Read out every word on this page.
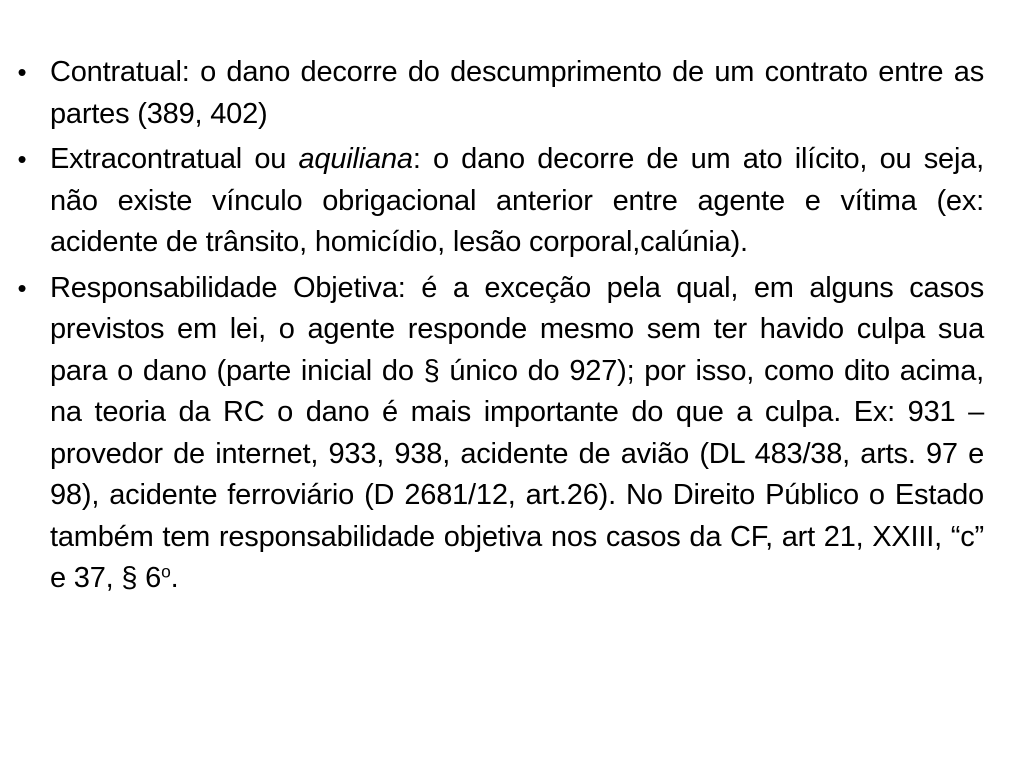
• Contratual: o dano decorre do descumprimento de um contrato entre as partes (389, 402)
• Extracontratual ou aquiliana: o dano decorre de um ato ilícito, ou seja, não existe vínculo obrigacional anterior entre agente e vítima (ex: acidente de trânsito, homicídio, lesão corporal,calúnia).
• Responsabilidade Objetiva: é a exceção pela qual, em alguns casos previstos em lei, o agente responde mesmo sem ter havido culpa sua para o dano (parte inicial do § único do 927); por isso, como dito acima, na teoria da RC o dano é mais importante do que a culpa. Ex: 931 – provedor de internet, 933, 938, acidente de avião (DL 483/38, arts. 97 e 98), acidente ferroviário (D 2681/12, art.26). No Direito Público o Estado também tem responsabilidade objetiva nos casos da CF, art 21, XXIII, “c” e 37, § 6$^o$.
